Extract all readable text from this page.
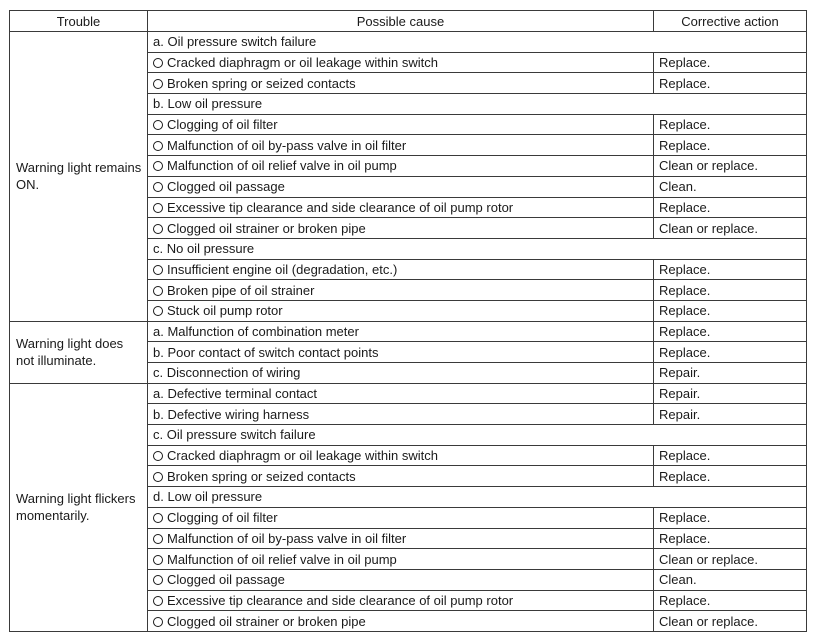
Trouble	Possible cause	Corrective action
Warning light remains ON.	a. Oil pressure switch failure	
	Cracked diaphragm or oil leakage within switch	Replace.
	Broken spring or seized contacts	Replace.
	b. Low oil pressure	
	Clogging of oil filter	Replace.
	Malfunction of oil by-pass valve in oil filter	Replace.
	Malfunction of oil relief valve in oil pump	Clean or replace.
	Clogged oil passage	Clean.
	Excessive tip clearance and side clearance of oil pump rotor	Replace.
	Clogged oil strainer or broken pipe	Clean or replace.
	c. No oil pressure	
	Insufficient engine oil (degradation, etc.)	Replace.
	Broken pipe of oil strainer	Replace.
	Stuck oil pump rotor	Replace.
Warning light does not illuminate.	a. Malfunction of combination meter	Replace.
	b. Poor contact of switch contact points	Replace.
	c. Disconnection of wiring	Repair.
Warning light flickers momentarily.	a. Defective terminal contact	Repair.
	b. Defective wiring harness	Repair.
	c. Oil pressure switch failure	
	Cracked diaphragm or oil leakage within switch	Replace.
	Broken spring or seized contacts	Replace.
	d. Low oil pressure	
	Clogging of oil filter	Replace.
	Malfunction of oil by-pass valve in oil filter	Replace.
	Malfunction of oil relief valve in oil pump	Clean or replace.
	Clogged oil passage	Clean.
	Excessive tip clearance and side clearance of oil pump rotor	Replace.
	Clogged oil strainer or broken pipe	Clean or replace.
